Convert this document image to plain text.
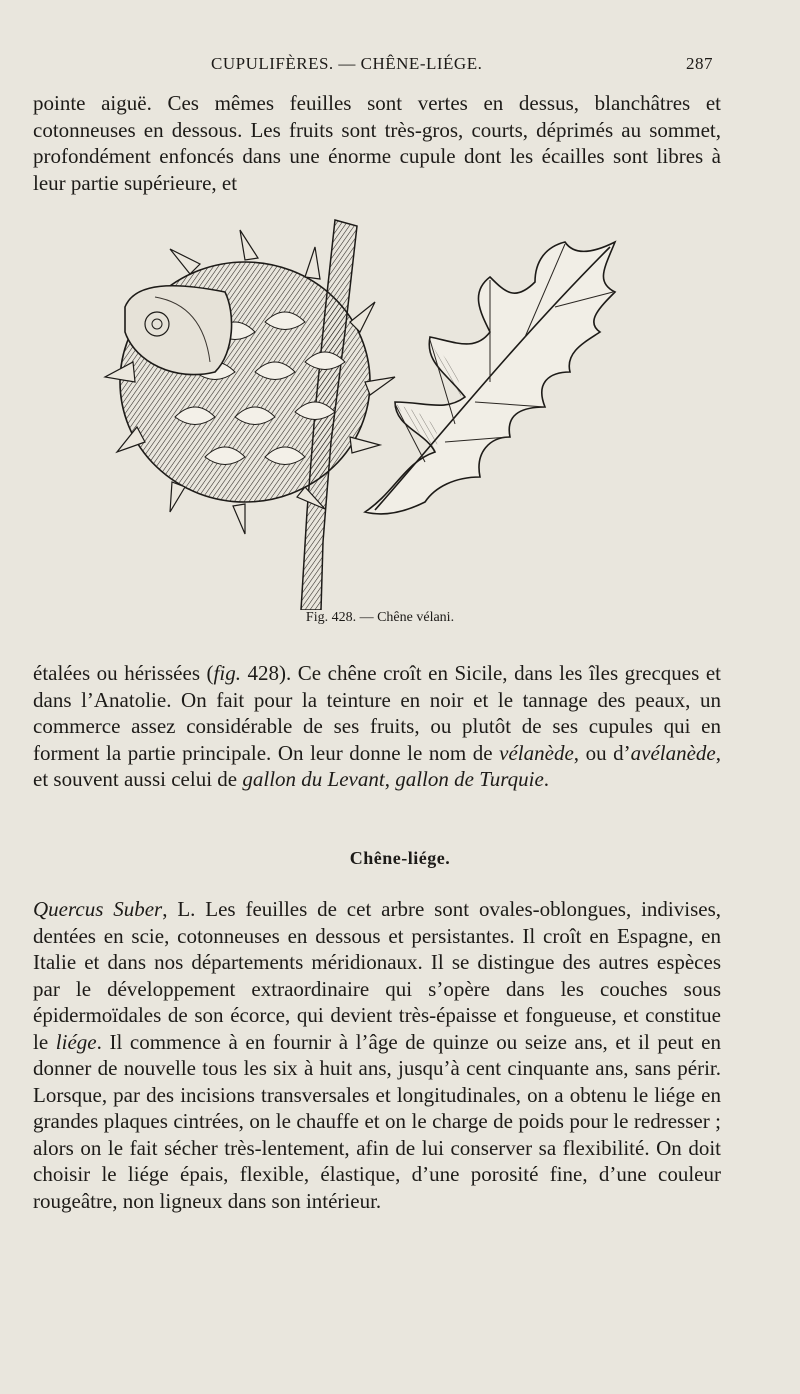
CUPULIFÈRES. — CHÊNE-LIÉGE.	287

pointe aiguë. Ces mêmes feuilles sont vertes en dessus, blanchâtres et cotonneuses en dessous. Les fruits sont très-gros, courts, déprimés au sommet, profondément enfoncés dans une énorme cupule dont les écailles sont libres à leur partie supérieure, et

Fig. 428. — Chêne vélani.

étalées ou hérissées (fig. 428). Ce chêne croît en Sicile, dans les îles grecques et dans l’Anatolie. On fait pour la teinture en noir et le tannage des peaux, un commerce assez considérable de ses fruits, ou plutôt de ses cupules qui en forment la partie principale. On leur donne le nom de vélanède, ou d’avélanède, et souvent aussi celui de gallon du Levant, gallon de Turquie.

Chêne-liége.

Quercus Suber, L. Les feuilles de cet arbre sont ovales-oblongues, indivises, dentées en scie, cotonneuses en dessous et persistantes. Il croît en Espagne, en Italie et dans nos départements méridionaux. Il se distingue des autres espèces par le développement extraordinaire qui s’opère dans les couches sous épidermoïdales de son écorce, qui devient très-épaisse et fongueuse, et constitue le liége. Il commence à en fournir à l’âge de quinze ou seize ans, et il peut en donner de nouvelle tous les six à huit ans, jusqu’à cent cinquante ans, sans périr. Lorsque, par des incisions transversales et longitudinales, on a obtenu le liége en grandes plaques cintrées, on le chauffe et on le charge de poids pour le redresser ; alors on le fait sécher très-lentement, afin de lui conserver sa flexibilité. On doit choisir le liége épais, flexible, élastique, d’une porosité fine, d’une couleur rougeâtre, non ligneux dans son intérieur.
